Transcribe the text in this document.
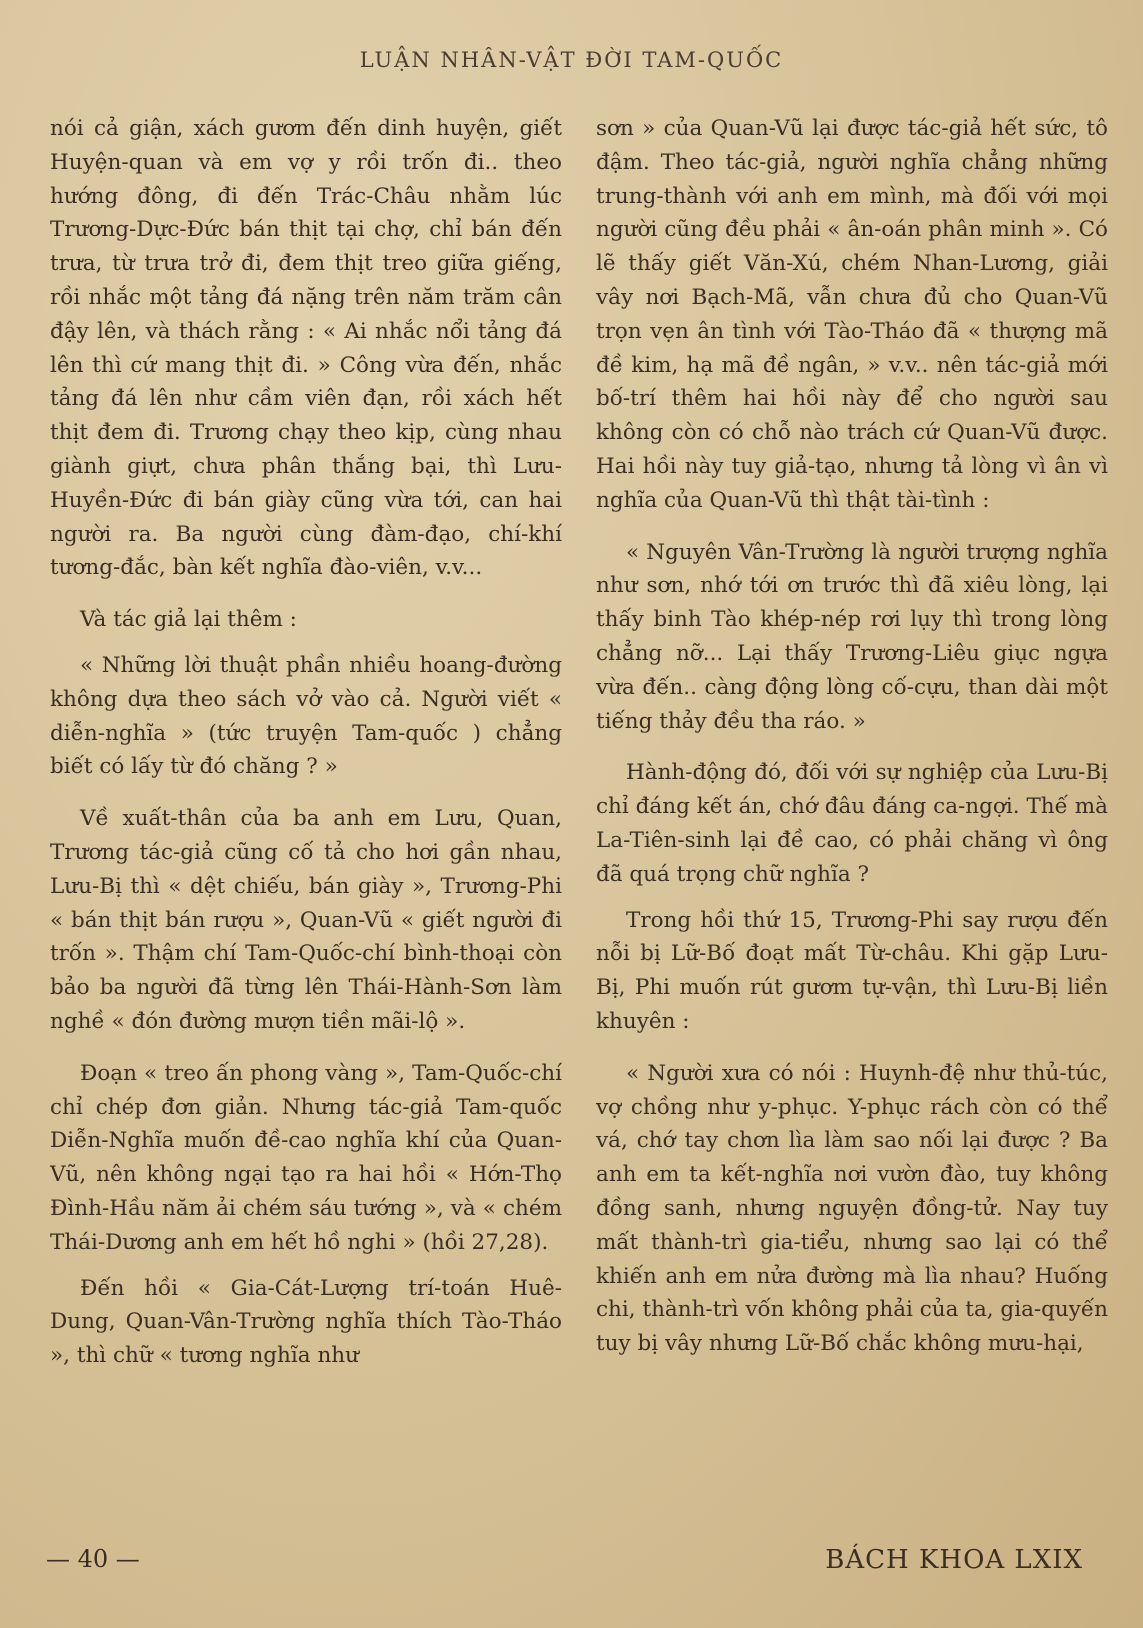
LUẬN NHÂN-VẬT ĐỜI TAM-QUỐC

nói cả giận, xách gươm đến dinh huyện, giết Huyện-quan và em vợ y rồi trốn đi.. theo hướng đông, đi đến Trác-Châu nhằm lúc Trương-Dực-Đức bán thịt tại chợ, chỉ bán đến trưa, từ trưa trở đi, đem thịt treo giữa giếng, rồi nhắc một tảng đá nặng trên năm trăm cân đậy lên, và thách rằng : « Ai nhắc nổi tảng đá lên thì cứ mang thịt đi. » Công vừa đến, nhắc tảng đá lên như cầm viên đạn, rồi xách hết thịt đem đi. Trương chạy theo kịp, cùng nhau giành giựt, chưa phân thắng bại, thì Lưu-Huyền-Đức đi bán giày cũng vừa tới, can hai người ra. Ba người cùng đàm-đạo, chí-khí tương-đắc, bàn kết nghĩa đào-viên, v.v...

Và tác giả lại thêm :

« Những lời thuật phần nhiều hoang-đường không dựa theo sách vở vào cả. Người viết « diễn-nghĩa » (tức truyện Tam-quốc ) chẳng biết có lấy từ đó chăng ? »

Về xuất-thân của ba anh em Lưu, Quan, Trương tác-giả cũng cố tả cho hơi gần nhau, Lưu-Bị thì « dệt chiếu, bán giày », Trương-Phi « bán thịt bán rượu », Quan-Vũ « giết người đi trốn ». Thậm chí Tam-Quốc-chí bình-thoại còn bảo ba người đã từng lên Thái-Hành-Sơn làm nghề « đón đường mượn tiền mãi-lộ ».

Đoạn « treo ấn phong vàng », Tam-Quốc-chí chỉ chép đơn giản. Nhưng tác-giả Tam-quốc Diễn-Nghĩa muốn đề-cao nghĩa khí của Quan-Vũ, nên không ngại tạo ra hai hồi « Hớn-Thọ Đình-Hầu năm ải chém sáu tướng », và « chém Thái-Dương anh em hết hồ nghi » (hồi 27,28).

Đến hồi « Gia-Cát-Lượng trí-toán Huê-Dung, Quan-Vân-Trường nghĩa thích Tào-Tháo », thì chữ « tương nghĩa như

sơn » của Quan-Vũ lại được tác-giả hết sức, tô đậm. Theo tác-giả, người nghĩa chẳng những trung-thành với anh em mình, mà đối với mọi người cũng đều phải « ân-oán phân minh ». Có lẽ thấy giết Văn-Xú, chém Nhan-Lương, giải vây nơi Bạch-Mã, vẫn chưa đủ cho Quan-Vũ trọn vẹn ân tình với Tào-Tháo đã « thượng mã đề kim, hạ mã đề ngân, » v.v.. nên tác-giả mới bố-trí thêm hai hồi này để cho người sau không còn có chỗ nào trách cứ Quan-Vũ được. Hai hồi này tuy giả-tạo, nhưng tả lòng vì ân vì nghĩa của Quan-Vũ thì thật tài-tình :

« Nguyên Vân-Trường là người trượng nghĩa như sơn, nhớ tới ơn trước thì đã xiêu lòng, lại thấy binh Tào khép-nép rơi lụy thì trong lòng chẳng nỡ... Lại thấy Trương-Liêu giục ngựa vừa đến.. càng động lòng cố-cựu, than dài một tiếng thảy đều tha ráo. »

Hành-động đó, đối với sự nghiệp của Lưu-Bị chỉ đáng kết án, chớ đâu đáng ca-ngợi. Thế mà La-Tiên-sinh lại đề cao, có phải chăng vì ông đã quá trọng chữ nghĩa ?

Trong hồi thứ 15, Trương-Phi say rượu đến nỗi bị Lữ-Bố đoạt mất Từ-châu. Khi gặp Lưu-Bị, Phi muốn rút gươm tự-vận, thì Lưu-Bị liền khuyên :

« Người xưa có nói : Huynh-đệ như thủ-túc, vợ chồng như y-phục. Y-phục rách còn có thể vá, chớ tay chơn lìa làm sao nối lại được ? Ba anh em ta kết-nghĩa nơi vườn đào, tuy không đồng sanh, nhưng nguyện đồng-tử. Nay tuy mất thành-trì gia-tiểu, nhưng sao lại có thể khiến anh em nửa đường mà lìa nhau? Huống chi, thành-trì vốn không phải của ta, gia-quyến tuy bị vây nhưng Lữ-Bố chắc không mưu-hại,

— 40 —	BÁCH KHOA LXIX
